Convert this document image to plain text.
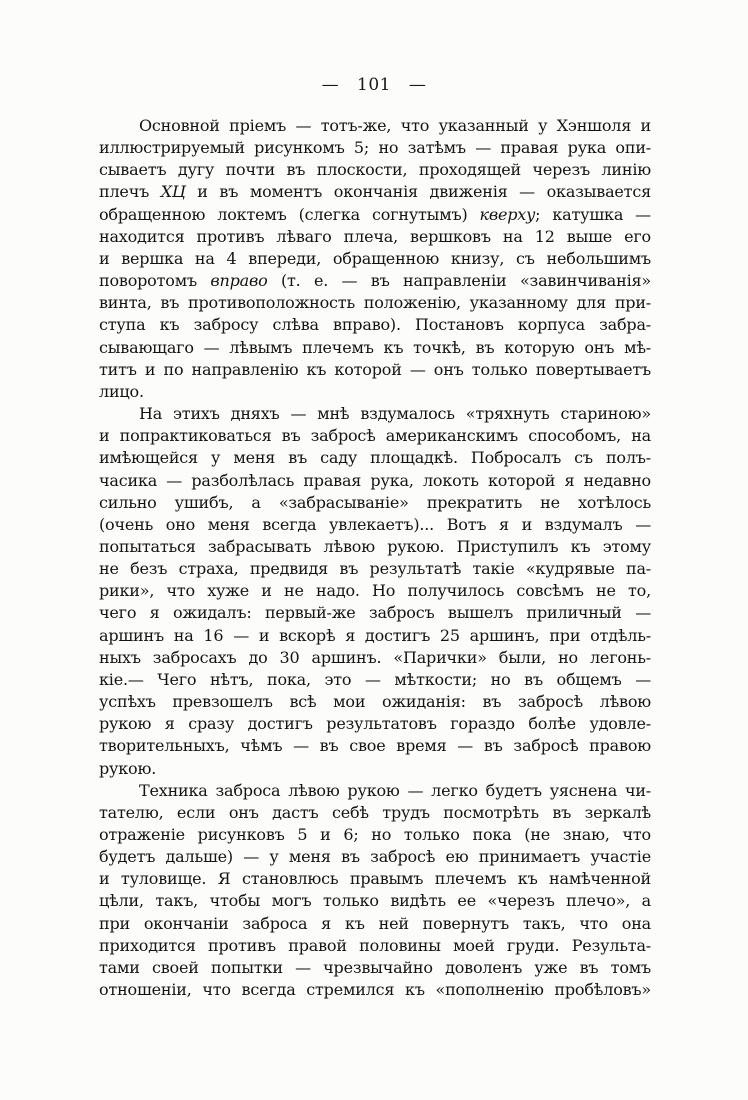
— 101 —
Основной пріемъ — тотъ-же, что указанный у Хэншоля и
иллюстрируемый рисункомъ 5; но затѣмъ — правая рука опи-
сываетъ дугу почти въ плоскости, проходящей черезъ линію
плечъ ХЦ и въ моментъ окончанія движенія — оказывается
обращенною локтемъ (слегка согнутымъ) кверху; катушка —
находится противъ лѣваго плеча, вершковъ на 12 выше его
и вершка на 4 впереди, обращенною книзу, съ небольшимъ
поворотомъ вправо (т. е. — въ направленіи «завинчиванія»
винта, въ противоположность положенію, указанному для при-
ступа къ забросу слѣва вправо). Постановъ корпуса забра-
сывающаго — лѣвымъ плечемъ къ точкѣ, въ которую онъ мѣ-
титъ и по направленію къ которой — онъ только повертываетъ
лицо.
На этихъ дняхъ — мнѣ вздумалось «тряхнуть стариною»
и попрактиковаться въ забросѣ американскимъ способомъ, на
имѣющейся у меня въ саду площадкѣ. Побросалъ съ полъ-
часика — разболѣлась правая рука, локоть которой я недавно
сильно ушибъ, а «забрасываніе» прекратить не хотѣлось
(очень оно меня всегда увлекаетъ)... Вотъ я и вздумалъ —
попытаться забрасывать лѣвою рукою. Приступилъ къ этому
не безъ страха, предвидя въ результатѣ такіе «кудрявые па-
рики», что хуже и не надо. Но получилось совсѣмъ не то,
чего я ожидалъ: первый-же забросъ вышелъ приличный —
аршинъ на 16 — и вскорѣ я достигъ 25 аршинъ, при отдѣль-
ныхъ забросахъ до 30 аршинъ. «Парички» были, но легонь-
кіе.— Чего нѣтъ, пока, это — мѣткости; но въ общемъ —
успѣхъ превзошелъ всѣ мои ожиданія: въ забросѣ лѣвою
рукою я сразу достигъ результатовъ гораздо болѣе удовле-
творительныхъ, чѣмъ — въ свое время — въ забросѣ правою
рукою.
Техника заброса лѣвою рукою — легко будетъ уяснена чи-
тателю, если онъ дастъ себѣ трудъ посмотрѣть въ зеркалѣ
отраженіе рисунковъ 5 и 6; но только пока (не знаю, что
будетъ дальше) — у меня въ забросѣ ею принимаетъ участіе
и туловище. Я становлюсь правымъ плечемъ къ намѣченной
цѣли, такъ, чтобы могъ только видѣть ее «черезъ плечо», а
при окончаніи заброса я къ ней повернутъ такъ, что она
приходится противъ правой половины моей груди. Результа-
тами своей попытки — чрезвычайно доволенъ уже въ томъ
отношеніи, что всегда стремился къ «пополненію пробѣловъ»
